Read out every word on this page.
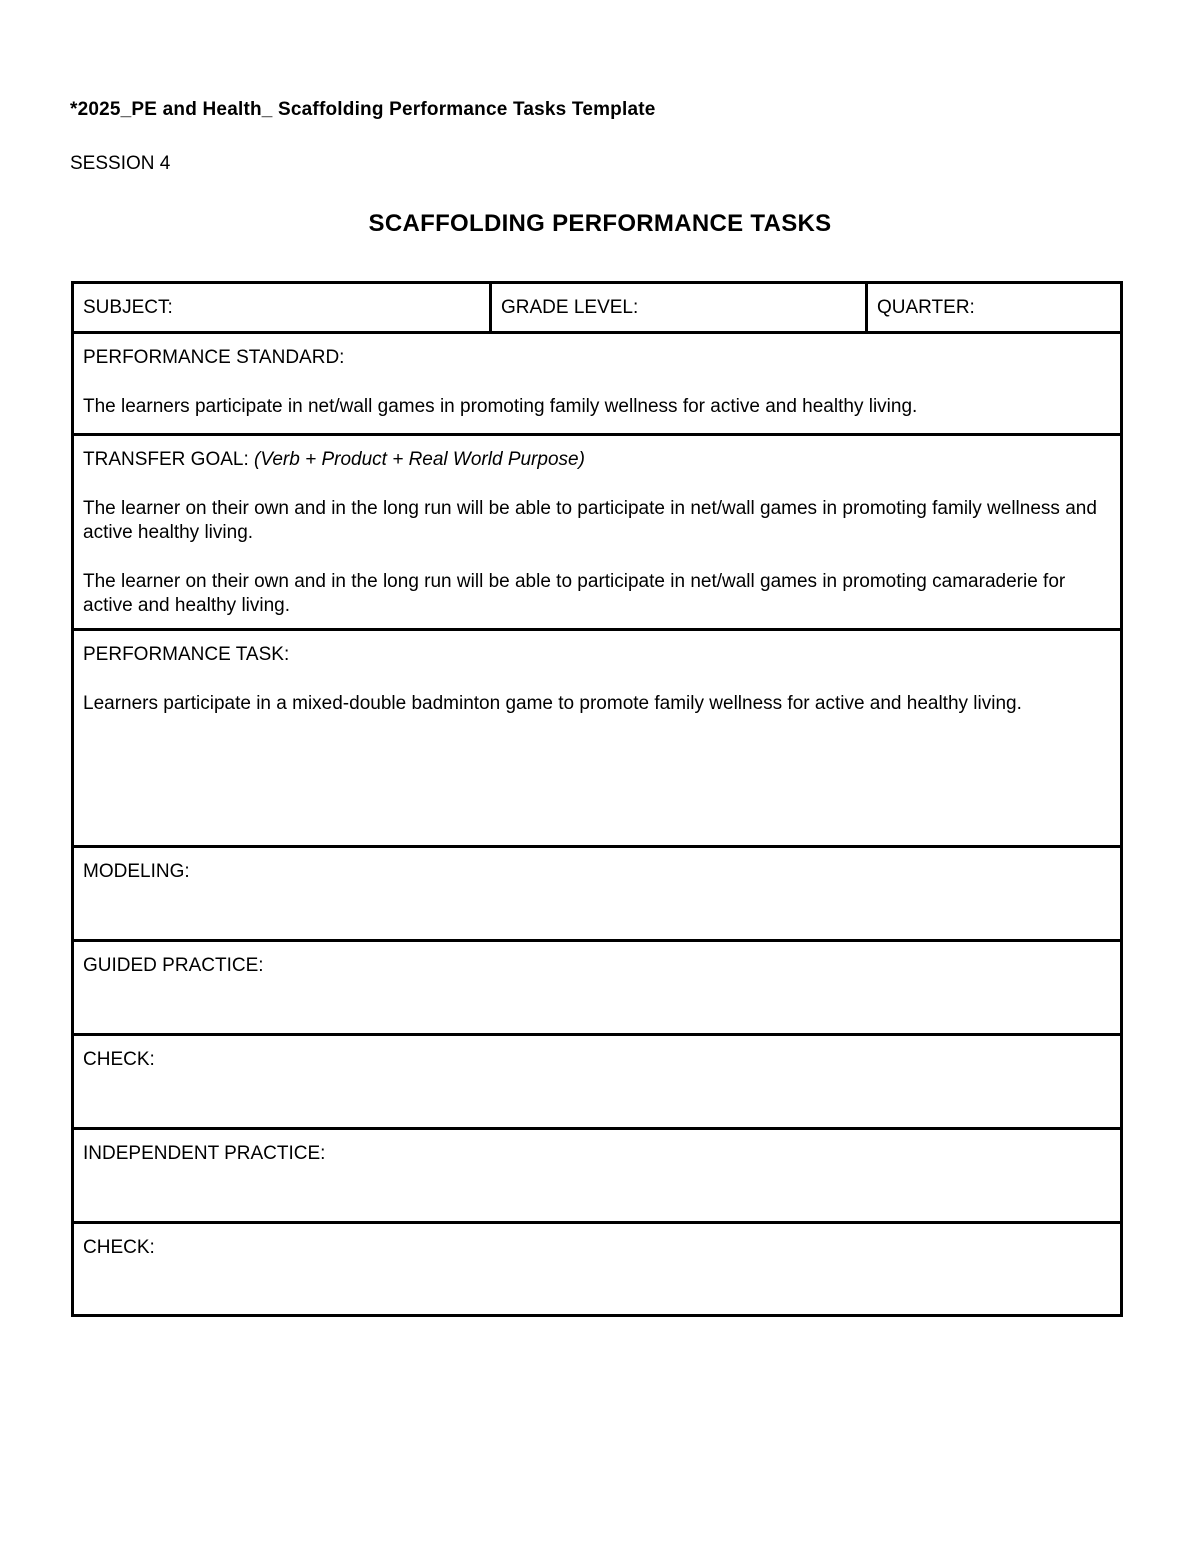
*2025_PE and Health_ Scaffolding Performance Tasks Template
SESSION 4
SCAFFOLDING PERFORMANCE TASKS
SUBJECT:	GRADE LEVEL:	QUARTER:

PERFORMANCE STANDARD:

The learners participate in net/wall games in promoting family wellness for active and healthy living.

TRANSFER GOAL: (Verb + Product + Real World Purpose)

The learner on their own and in the long run will be able to participate in net/wall games in promoting family wellness and active healthy living.

The learner on their own and in the long run will be able to participate in net/wall games in promoting camaraderie for active and healthy living.

PERFORMANCE TASK:

Learners participate in a mixed-double badminton game to promote family wellness for active and healthy living.

MODELING:

GUIDED PRACTICE:

CHECK:

INDEPENDENT PRACTICE:

CHECK:
